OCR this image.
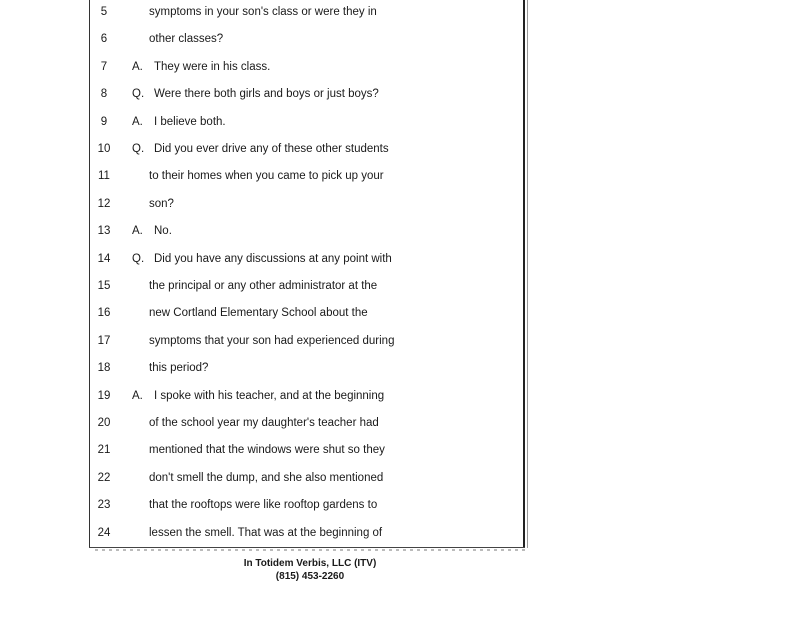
5	symptoms in your son's class or were they in
6	other classes?
7	A. They were in his class.
8	Q. Were there both girls and boys or just boys?
9	A. I believe both.
10	Q. Did you ever drive any of these other students
11	to their homes when you came to pick up your
12	son?
13	A. No.
14	Q. Did you have any discussions at any point with
15	the principal or any other administrator at the
16	new Cortland Elementary School about the
17	symptoms that your son had experienced during
18	this period?
19	A. I spoke with his teacher, and at the beginning
20	of the school year my daughter's teacher had
21	mentioned that the windows were shut so they
22	don't smell the dump, and she also mentioned
23	that the rooftops were like rooftop gardens to
24	lessen the smell. That was at the beginning of
In Totidem Verbis, LLC (ITV)
(815) 453-2260
